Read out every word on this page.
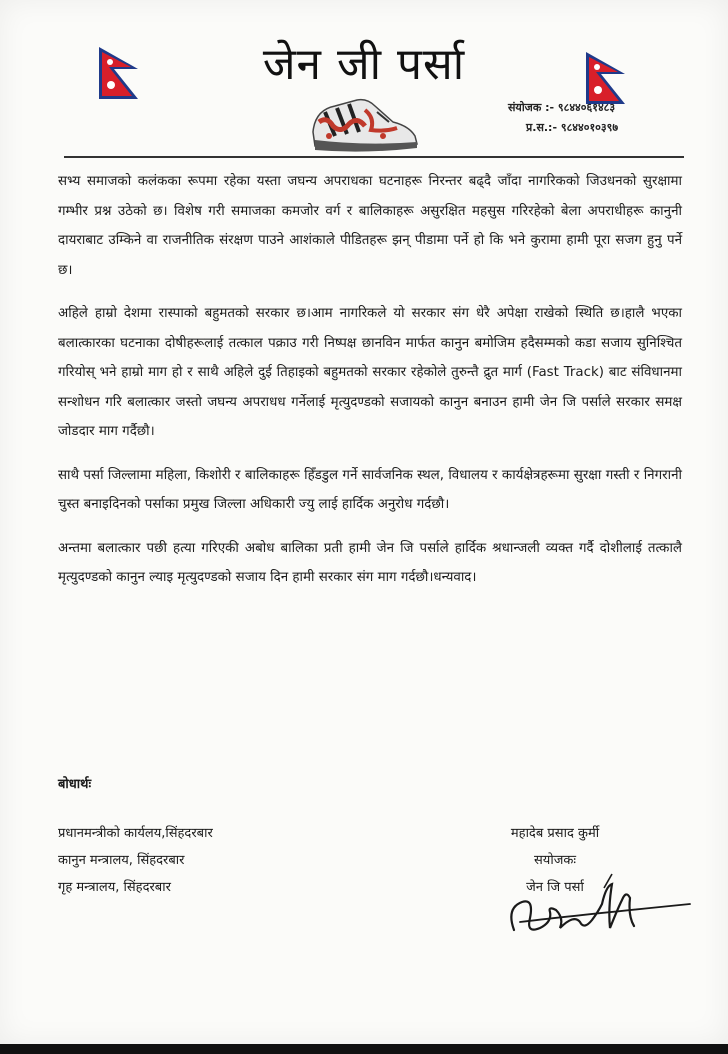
जेन जी पर्सा
संयोजक :- ९८४४०६१४८३
प्र.स.:- ९८४४०१०३९७

सभ्य समाजको कलंकका रूपमा रहेका यस्ता जघन्य अपराधका घटनाहरू निरन्तर बढ्दै जाँदा नागरिकको जिउधनको सुरक्षामा गम्भीर प्रश्न उठेको छ। विशेष गरी समाजका कमजोर वर्ग र बालिकाहरू असुरक्षित महसुस गरिरहेको बेला अपराधीहरू कानुनी दायराबाट उम्किने वा राजनीतिक संरक्षण पाउने आशंकाले पीडितहरू झन् पीडामा पर्ने हो कि भने कुरामा हामी पूरा सजग हुनु पर्ने छ।

अहिले हाम्रो देशमा रास्पाको बहुमतको सरकार छ।आम नागरिकले यो सरकार संग धेरै अपेक्षा राखेको स्थिति छ।हालै भएका बलात्कारका घटनाका दोषीहरूलाई तत्काल पक्राउ गरी निष्पक्ष छानविन मार्फत कानुन बमोजिम हदैसम्मको कडा सजाय सुनिश्चित गरियोस् भने हाम्रो माग हो र साथै अहिले दुई तिहाइको बहुमतको सरकार रहेकोले तुरुन्तै द्रुत मार्ग (Fast Track) बाट संविधानमा सन्शोधन गरि बलात्कार जस्तो जघन्य अपराधध गर्नेलाई मृत्युदण्डको सजायको कानुन बनाउन हामी जेन जि पर्साले सरकार समक्ष जोडदार माग गर्दैछौ।

साथै पर्सा जिल्लामा महिला, किशोरी र बालिकाहरू हिँडडुल गर्ने सार्वजनिक स्थल, विधालय र कार्यक्षेत्रहरूमा सुरक्षा गस्ती र निगरानी चुस्त बनाइदिनको पर्साका प्रमुख जिल्ला अधिकारी ज्यु लाई हार्दिक अनुरोध गर्दछौ।

अन्तमा बलात्कार पछी हत्या गरिएकी अबोध बालिका प्रती हामी जेन जि पर्साले हार्दिक श्रधान्जली व्यक्त गर्दै दोशीलाई तत्कालै मृत्युदण्डको कानुन ल्याइ मृत्युदण्डको सजाय दिन हामी सरकार संग माग गर्दछौ।धन्यवाद।

बोधार्थः
प्रधानमन्त्रीको कार्यलय,सिंहदरबार
कानुन मन्त्रालय, सिंहदरबार
गृह मन्त्रालय, सिंहदरबार
महादेब प्रसाद कुर्मी
सयोजकः
जेन जि पर्सा
